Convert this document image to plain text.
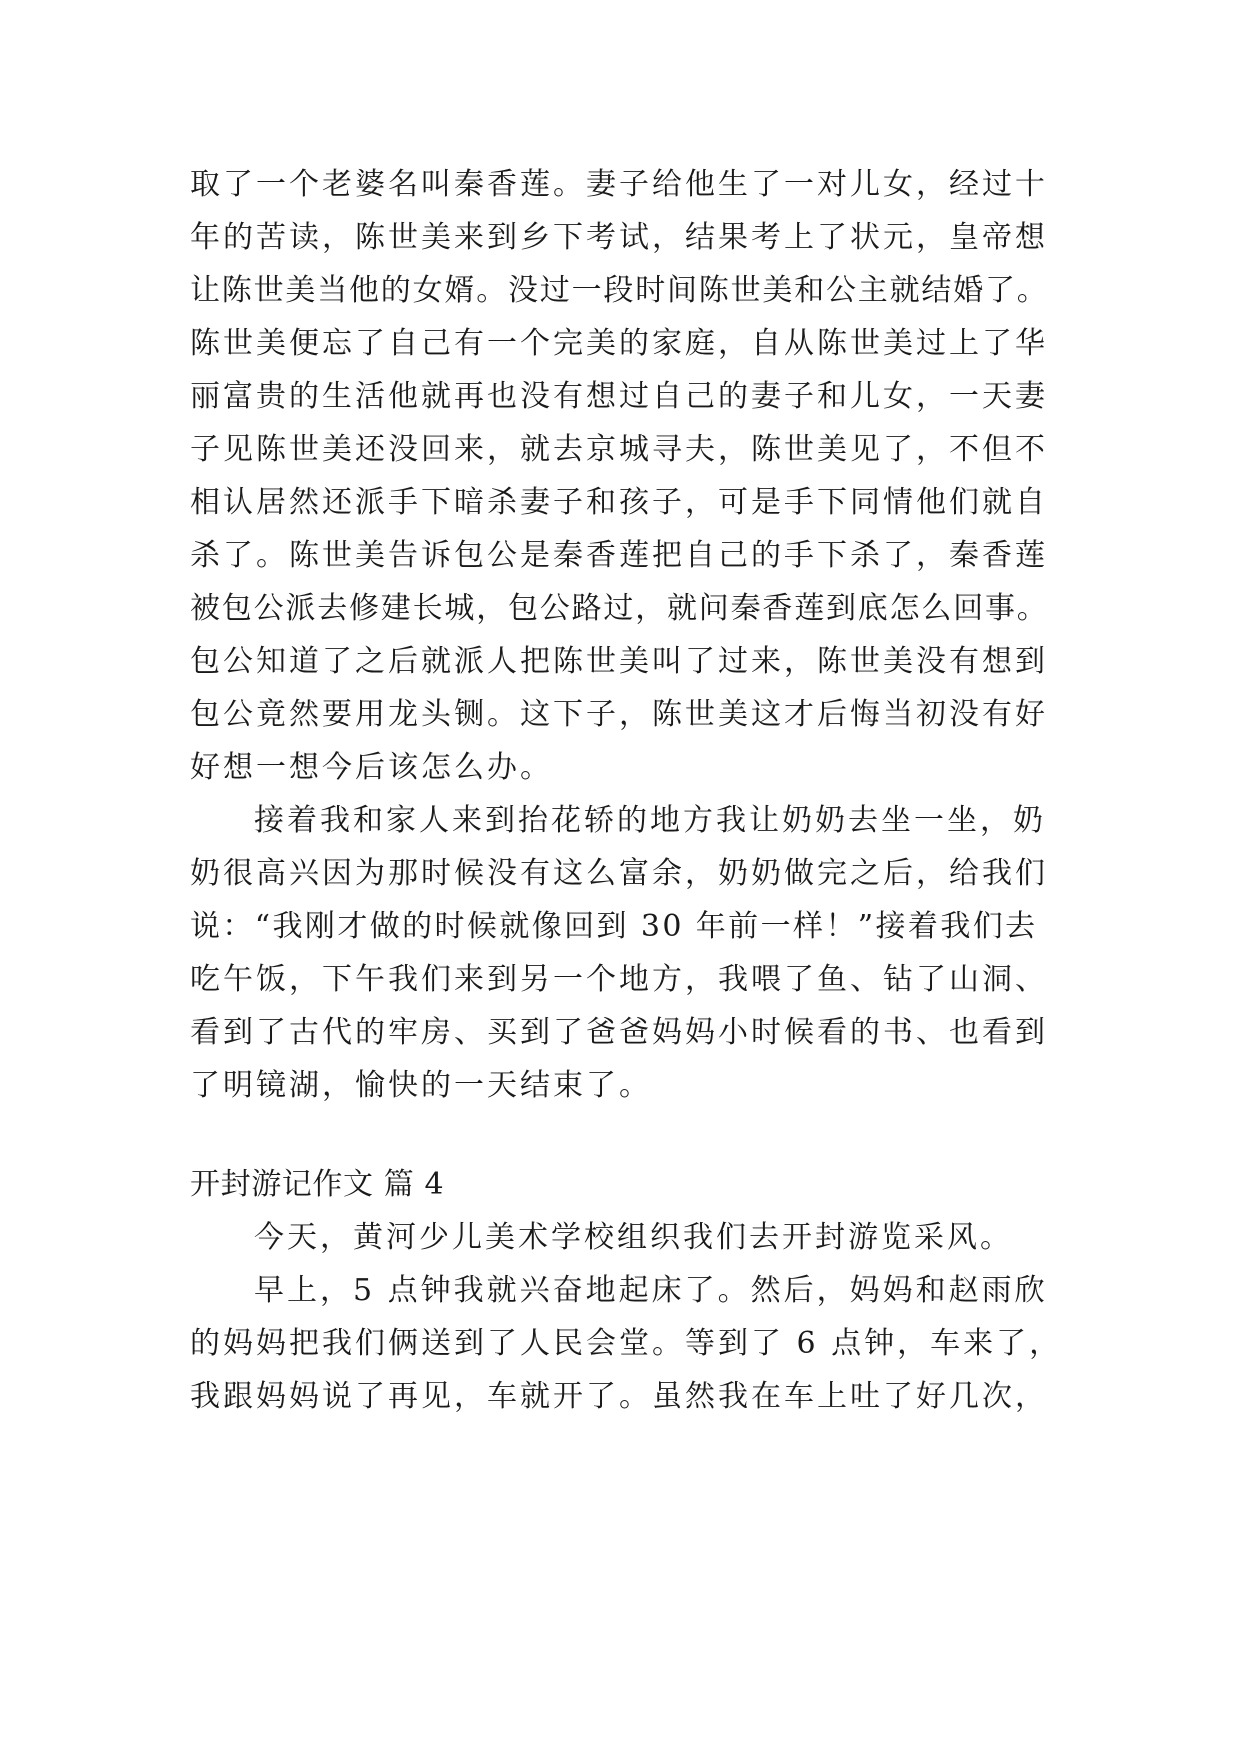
取了一个老婆名叫秦香莲。妻子给他生了一对儿女，经过十
年的苦读，陈世美来到乡下考试，结果考上了状元，皇帝想
让陈世美当他的女婿。没过一段时间陈世美和公主就结婚了。
陈世美便忘了自己有一个完美的家庭，自从陈世美过上了华
丽富贵的生活他就再也没有想过自己的妻子和儿女，一天妻
子见陈世美还没回来，就去京城寻夫，陈世美见了，不但不
相认居然还派手下暗杀妻子和孩子，可是手下同情他们就自
杀了。陈世美告诉包公是秦香莲把自己的手下杀了，秦香莲
被包公派去修建长城，包公路过，就问秦香莲到底怎么回事。
包公知道了之后就派人把陈世美叫了过来，陈世美没有想到
包公竟然要用龙头铡。这下子，陈世美这才后悔当初没有好
好想一想今后该怎么办。
接着我和家人来到抬花轿的地方我让奶奶去坐一坐，奶
奶很高兴因为那时候没有这么富余，奶奶做完之后，给我们
说：“我刚才做的时候就像回到 30 年前一样！”接着我们去
吃午饭，下午我们来到另一个地方，我喂了鱼、钻了山洞、
看到了古代的牢房、买到了爸爸妈妈小时候看的书、也看到
了明镜湖，愉快的一天结束了。
开封游记作文 篇 4
今天，黄河少儿美术学校组织我们去开封游览采风。
早上，5 点钟我就兴奋地起床了。然后，妈妈和赵雨欣
的妈妈把我们俩送到了人民会堂。等到了 6 点钟，车来了，
我跟妈妈说了再见，车就开了。虽然我在车上吐了好几次，
